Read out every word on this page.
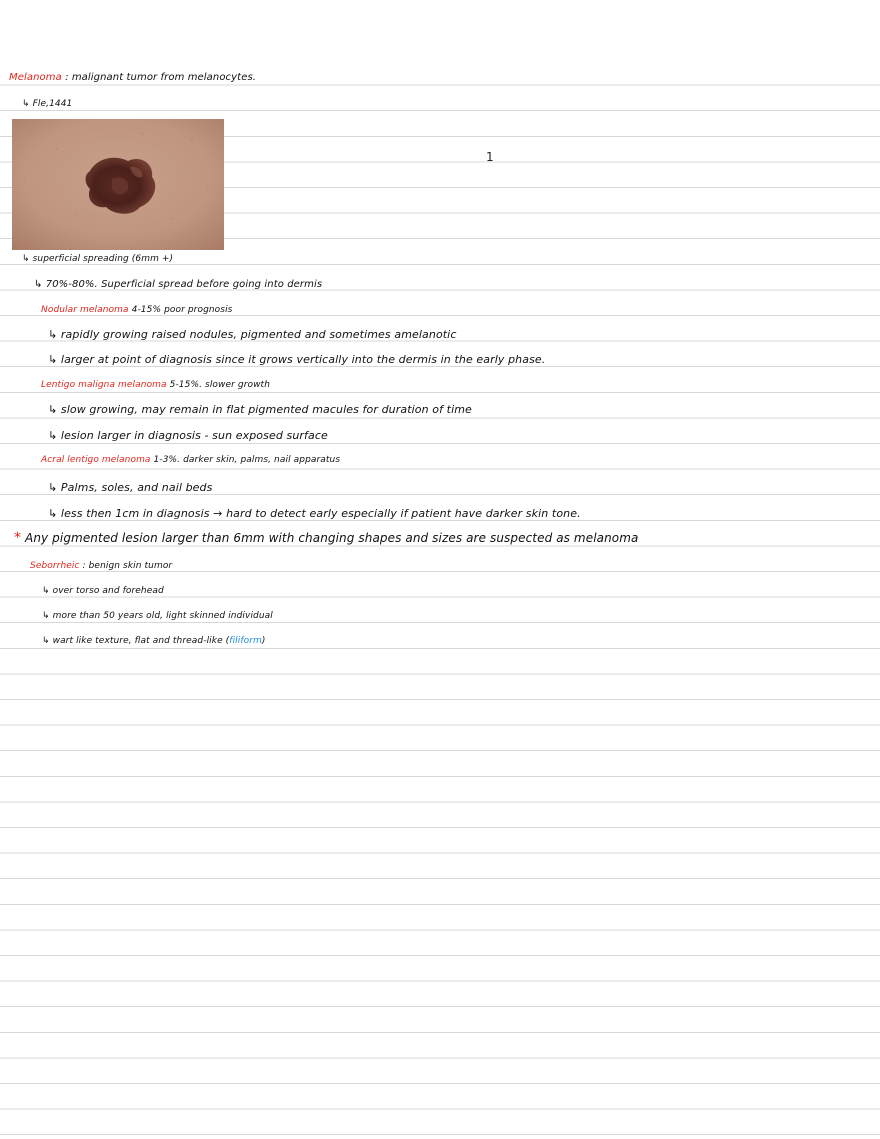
Melanoma : malignant tumor from melanocytes.
↳ Fle,1441
1
↳ superficial spreading (6mm +)
↳ 70%-80%. Superficial spread before going into dermis
Nodular melanoma 4-15% poor prognosis
↳ rapidly growing raised nodules, pigmented and sometimes amelanotic
↳ larger at point of diagnosis since it grows vertically into the dermis in the early phase.
Lentigo maligna melanoma 5-15%. slower growth
↳ slow growing, may remain in flat pigmented macules for duration of time
↳ lesion larger in diagnosis - sun exposed surface
Acral lentigo melanoma 1-3%. darker skin, palms, nail apparatus
↳ Palms, soles, and nail beds
↳ less then 1cm in diagnosis → hard to detect early especially if patient have darker skin tone.
* Any pigmented lesion larger than 6mm with changing shapes and sizes are suspected as melanoma
Seborrheic : benign skin tumor
↳ over torso and forehead
↳ more than 50 years old, light skinned individual
↳ wart like texture, flat and thread-like (filiform)
